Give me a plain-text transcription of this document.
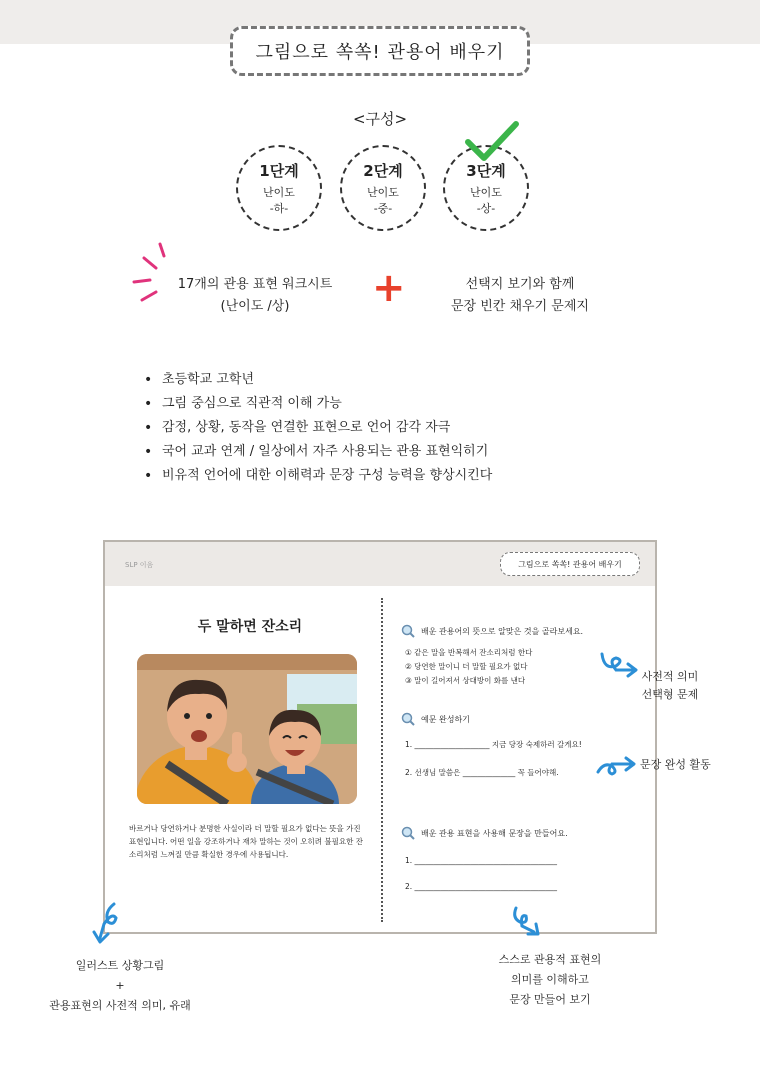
그림으로 쏙쏙! 관용어 배우기
<구성>
1단계
난이도
-하-
2단계
난이도
-중-
3단계
난이도
-상-
17개의 관용 표현 워크시트
(난이도 /상)	+	선택지 보기와 함께
문장 빈칸 채우기 문제지
• 초등학교 고학년
• 그림 중심으로 직관적 이해 가능
• 감정, 상황, 동작을 연결한 표현으로 언어 감각 자극
• 국어 교과 연계 / 일상에서 자주 사용되는 관용 표현익히기
• 비유적 언어에 대한 이해력과 문장 구성 능력을 향상시킨다
SLP 이음	그림으로 쏙쏙! 관용어 배우기
두 말하면 잔소리
바르거나 당연하거나 분명한 사실이라 더 말할 필요가 없다는 뜻을 가진 표현입니다. 어떤 일을 강조하거나 재차 말하는 것이 오히려 불필요한 잔소리처럼 느껴질 만큼 확실한 경우에 사용됩니다.
배운 관용어의 뜻으로 알맞은 것을 골라보세요.
① 같은 말을 반복해서 잔소리처럼 한다
② 당연한 말이니 더 말할 필요가 없다
③ 말이 길어져서 상대방이 화를 낸다
예문 완성하기
1. ____________________ 지금 당장 숙제하러 갈게요!
2. 선생님 말씀은 ______________ 꼭 들어야해.
배운 관용 표현을 사용해 문장을 만들어요.
1. ______________________________________
2. ______________________________________
사전적 의미
선택형 문제
문장 완성 활동
일러스트 상황그림
+
관용표현의 사전적 의미, 유래
스스로 관용적 표현의
의미를 이해하고
문장 만들어 보기
